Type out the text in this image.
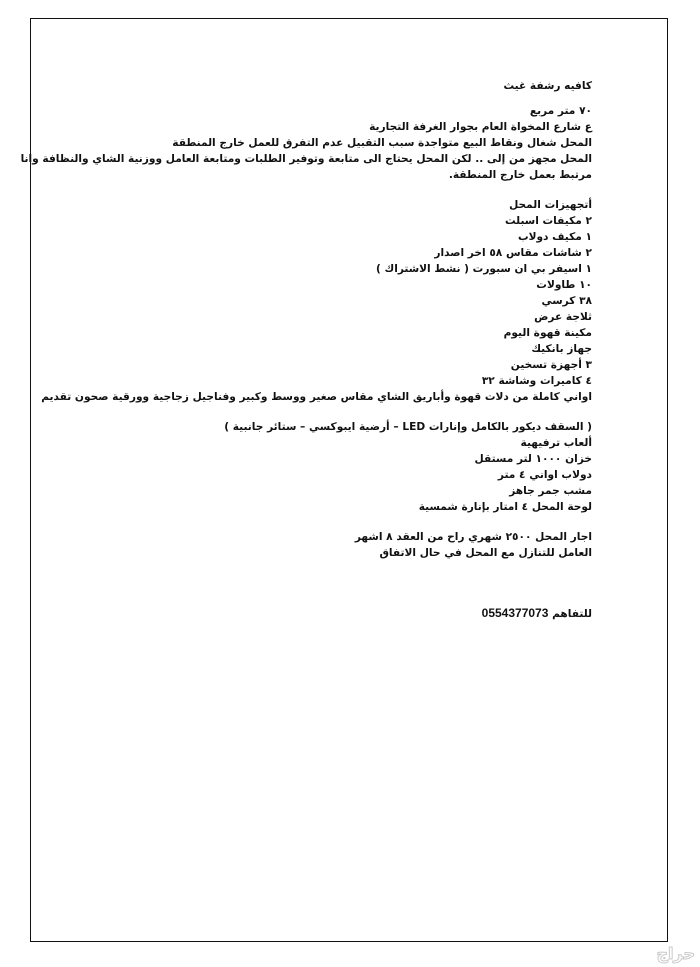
كافيه رشفة غيث
٧٠ متر مربع
ع شارع المخواة العام بجوار الغرفة التجارية
المحل شغال ونقاط البيع متواجدة سبب التقبيل عدم التفرق للعمل خارج المنطقة
المحل مجهز من إلى .. لكن المحل يحتاج الى متابعة وتوفير الطلبات ومتابعة العامل ووزنية الشاي والنظافة وانا
مرتبط بعمل خارج المنطقة.
أتجهيزات المحل
٢ مكيفات اسبلت
١ مكيف دولاب
٢ شاشات مقاس ٥٨ اخر اصدار
١ اسيفر بي ان سبورت ( نشط الاشتراك )
١٠ طاولات
٣٨ كرسي
ثلاجة عرض
مكينة قهوة اليوم
جهاز بانكيك
٣ أجهزة تسخين
٤ كاميرات وشاشة ٣٢
اواني كاملة من دلات قهوة وأباريق الشاي مقاس صغير ووسط وكبير وفناجيل زجاجية وورقية صحون تقديم
( السقف ديكور بالكامل وإنارات LED – أرضية ايبوكسي – ستائر جانبية )
ألعاب ترفيهية
خزان ١٠٠٠ لتر مستقل
دولاب اواني ٤ متر
مشب جمر جاهز
لوحة المحل ٤ امتار بإنارة شمسية
اجار المحل ٢٥٠٠ شهري راح من العقد ٨ اشهر
العامل للتنازل مع المحل في حال الاتفاق
للتفاهم 0554377073
حراج
